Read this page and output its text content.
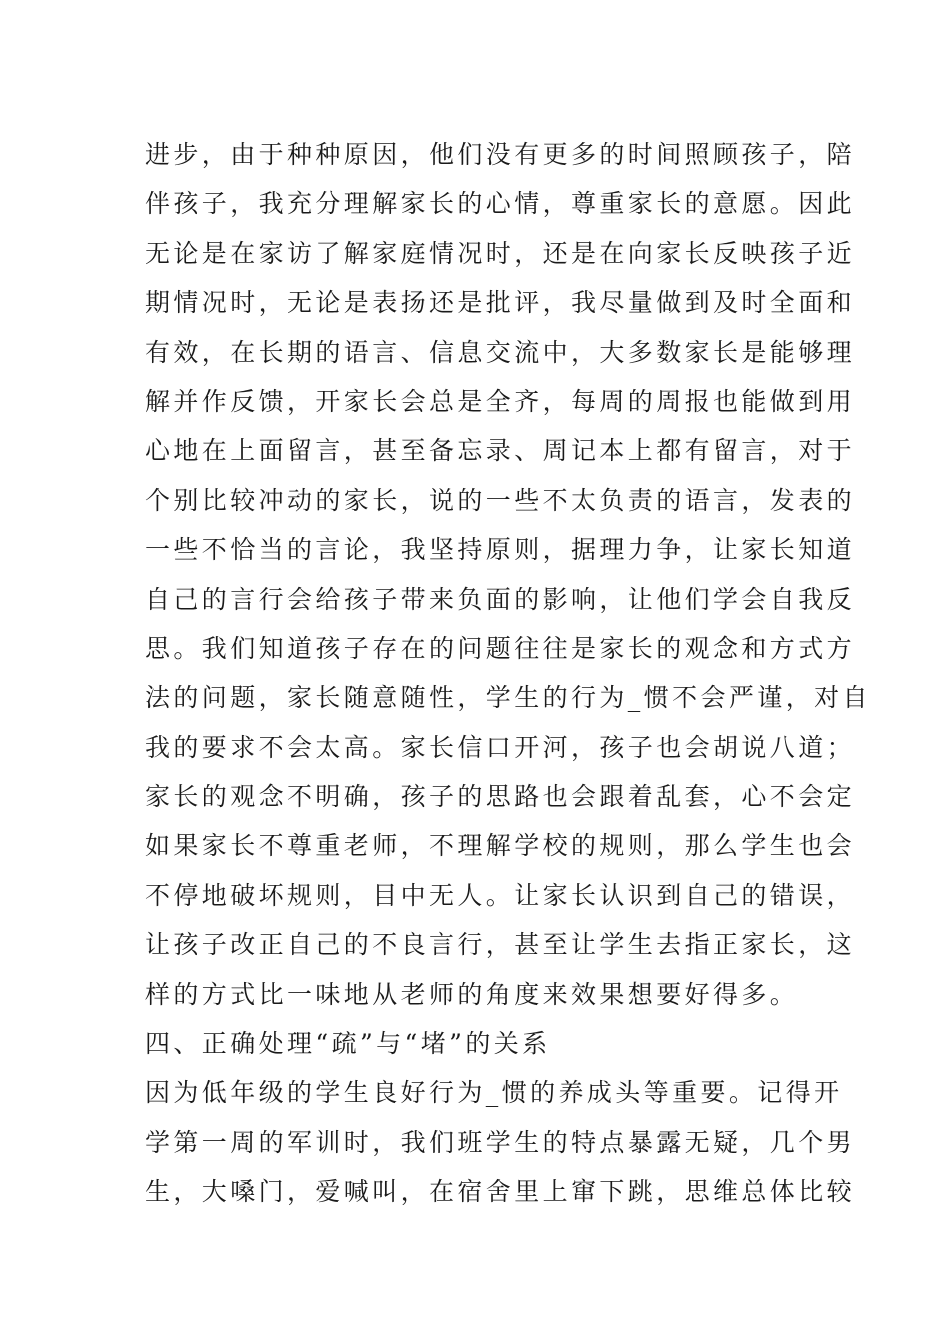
进步，由于种种原因，他们没有更多的时间照顾孩子，陪
伴孩子，我充分理解家长的心情，尊重家长的意愿。因此
无论是在家访了解家庭情况时，还是在向家长反映孩子近
期情况时，无论是表扬还是批评，我尽量做到及时全面和
有效，在长期的语言、信息交流中，大多数家长是能够理
解并作反馈，开家长会总是全齐，每周的周报也能做到用
心地在上面留言，甚至备忘录、周记本上都有留言，对于
个别比较冲动的家长，说的一些不太负责的语言，发表的
一些不恰当的言论，我坚持原则，据理力争，让家长知道
自己的言行会给孩子带来负面的影响，让他们学会自我反
思。我们知道孩子存在的问题往往是家长的观念和方式方
法的问题，家长随意随性，学生的行为_惯不会严谨，对自
我的要求不会太高。家长信口开河，孩子也会胡说八道；
家长的观念不明确，孩子的思路也会跟着乱套，心不会定
如果家长不尊重老师，不理解学校的规则，那么学生也会
不停地破坏规则，目中无人。让家长认识到自己的错误，
让孩子改正自己的不良言行，甚至让学生去指正家长，这
样的方式比一味地从老师的角度来效果想要好得多。
四、正确处理“疏”与“堵”的关系
因为低年级的学生良好行为_惯的养成头等重要。记得开
学第一周的军训时，我们班学生的特点暴露无疑，几个男
生，大嗓门，爱喊叫，在宿舍里上窜下跳，思维总体比较
